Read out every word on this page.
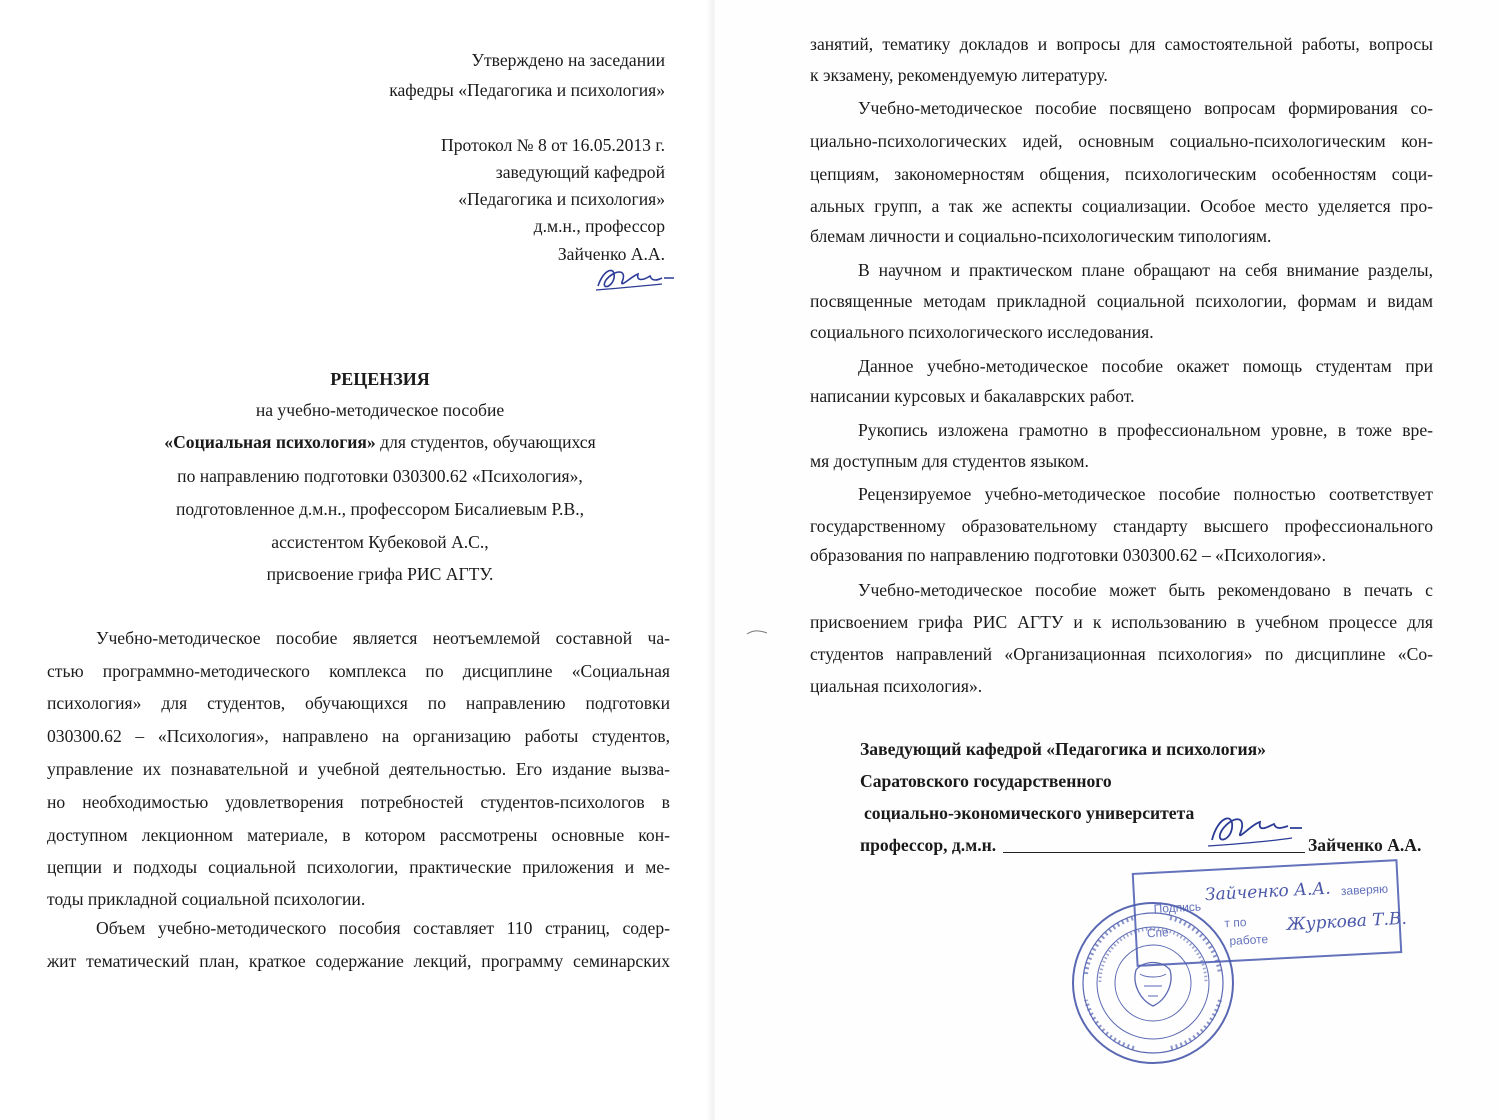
Утверждено на заседании
кафедры «Педагогика и психология»
Протокол № 8 от 16.05.2013 г.
заведующий кафедрой
«Педагогика и психология»
д.м.н., профессор
Зайченко А.А.
РЕЦЕНЗИЯ
на учебно-методическое пособие
«Социальная психология» для студентов, обучающихся
по направлению подготовки 030300.62 «Психология»,
подготовленное д.м.н., профессором Бисалиевым Р.В.,
ассистентом Кубековой А.С.,
присвоение грифа РИС АГТУ.
Учебно-методическое пособие является неотъемлемой составной ча-
стью программно-методического комплекса по дисциплине «Социальная
психология» для студентов, обучающихся по направлению подготовки
030300.62 – «Психология», направлено на организацию работы студентов,
управление их познавательной и учебной деятельностью. Его издание вызва-
но необходимостью удовлетворения потребностей студентов-психологов в
доступном лекционном материале, в котором рассмотрены основные кон-
цепции и подходы социальной психологии, практические приложения и ме-
тоды прикладной социальной психологии.
Объем учебно-методического пособия составляет 110 страниц, содер-
жит тематический план, краткое содержание лекций, программу семинарских
занятий, тематику докладов и вопросы для самостоятельной работы, вопросы
к экзамену, рекомендуемую литературу.
Учебно-методическое пособие посвящено вопросам формирования со-
циально-психологических идей, основным социально-психологическим кон-
цепциям, закономерностям общения, психологическим особенностям соци-
альных групп, а так же аспекты социализации. Особое место уделяется про-
блемам личности и социально-психологическим типологиям.
В научном и практическом плане обращают на себя внимание разделы,
посвященные методам прикладной социальной психологии, формам и видам
социального психологического исследования.
Данное учебно-методическое пособие окажет помощь студентам при
написании курсовых и бакалаврских работ.
Рукопись изложена грамотно в профессиональном уровне, в тоже вре-
мя доступным для студентов языком.
Рецензируемое учебно-методическое пособие полностью соответствует
государственному образовательному стандарту высшего профессионального
образования по направлению подготовки 030300.62 – «Психология».
Учебно-методическое пособие может быть рекомендовано в печать с
присвоением грифа РИС АГТУ и к использованию в учебном процессе для
студентов направлений «Организационная психология» по дисциплине «Со-
циальная психология».
Заведующий кафедрой «Педагогика и психология»
Саратовского государственного
социально-экономического университета
профессор, д.м.н.	Зайченко А.А.
Подпись
Зайченко А.А. заверяю
Спе
т по
работе
Журкова Т.В.
